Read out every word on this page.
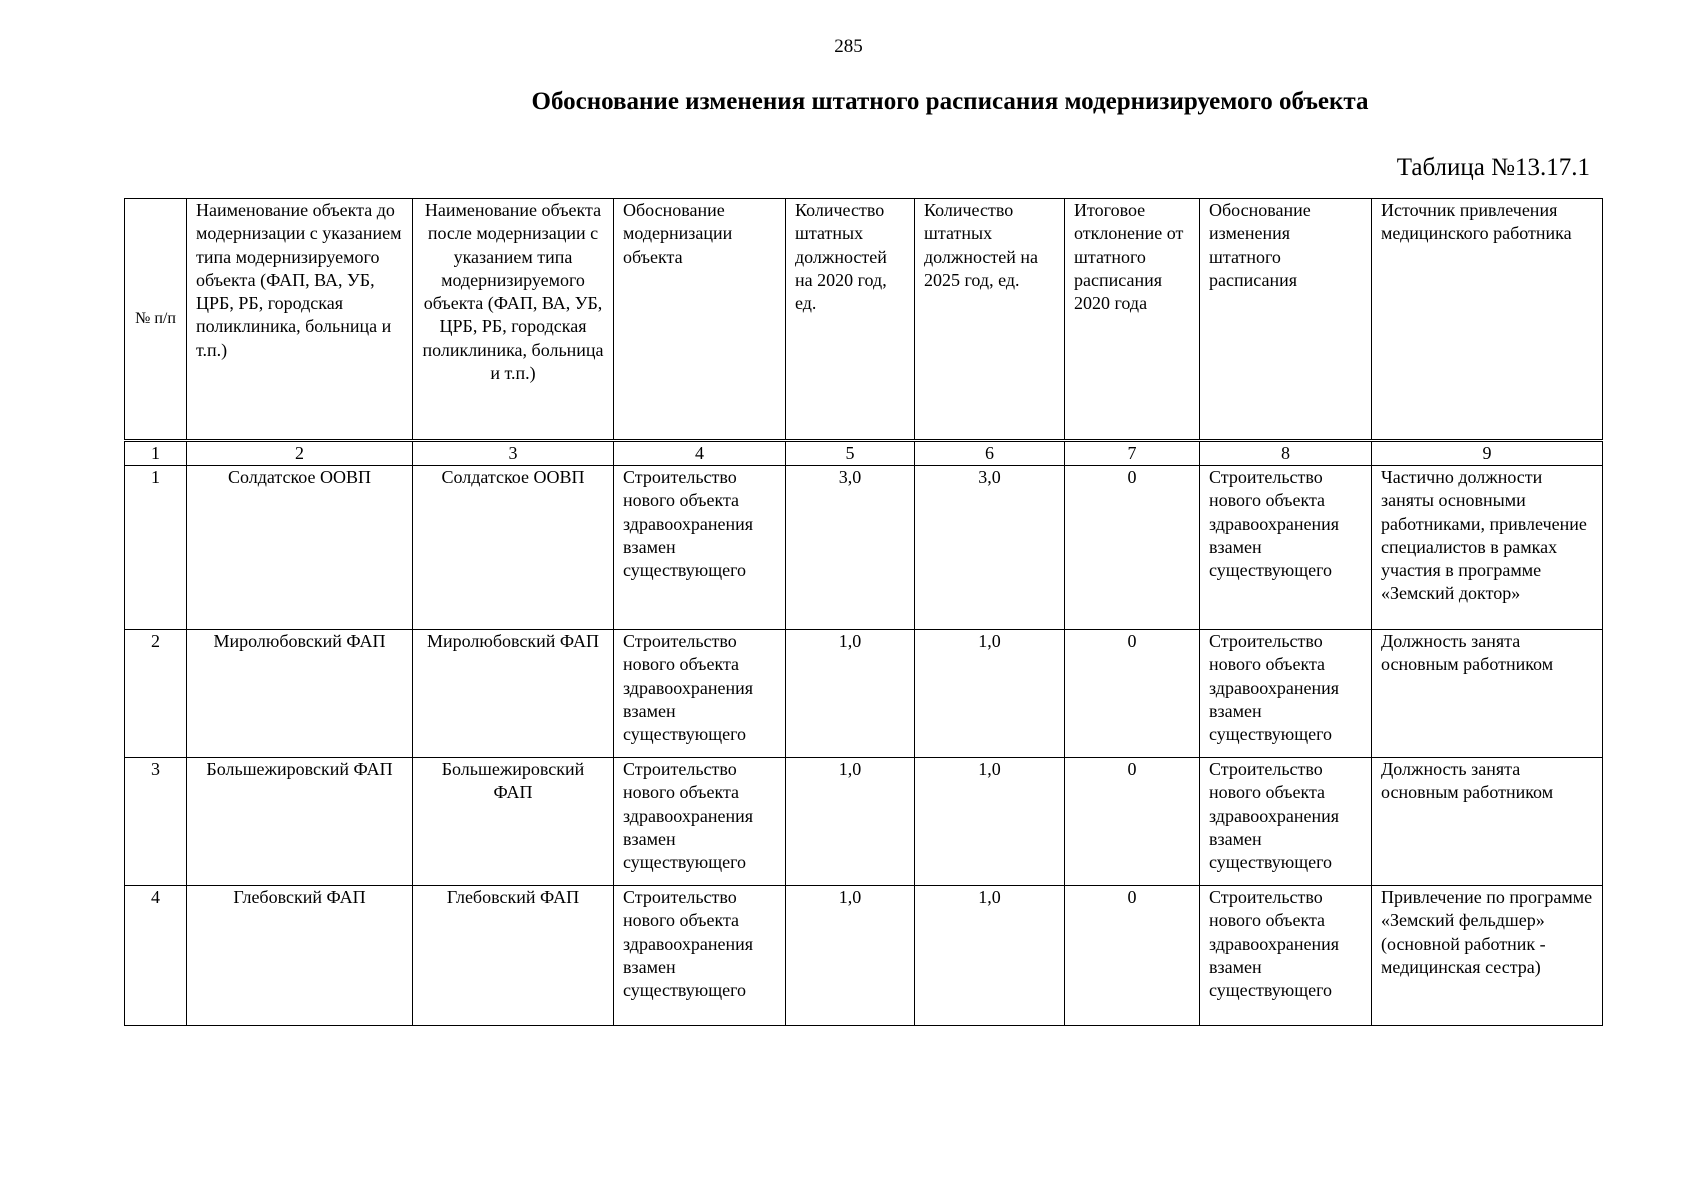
285
Обоснование изменения штатного расписания модернизируемого объекта
Таблица №13.17.1
№ п/п	Наименование объекта до модернизации с указанием типа модернизируемого объекта (ФАП, ВА, УБ, ЦРБ, РБ, городская поликлиника, больница и т.п.)	Наименование объекта после модернизации с указанием типа модернизируемого объекта (ФАП, ВА, УБ, ЦРБ, РБ, городская поликлиника, больница и т.п.)	Обоснование модернизации объекта	Количество штатных должностей на 2020 год, ед.	Количество штатных должностей на 2025 год, ед.	Итоговое отклонение от штатного расписания 2020 года	Обоснование изменения штатного расписания	Источник привлечения медицинского работника
1	2	3	4	5	6	7	8	9
1	Солдатское ООВП	Солдатское ООВП	Строительство нового объекта здравоохранения взамен существующего	3,0	3,0	0	Строительство нового объекта здравоохранения взамен существующего	Частично должности заняты основными работниками, привлечение специалистов в рамках участия в программе «Земский доктор»
2	Миролюбовский ФАП	Миролюбовский ФАП	Строительство нового объекта здравоохранения взамен существующего	1,0	1,0	0	Строительство нового объекта здравоохранения взамен существующего	Должность занята основным работником
3	Большежировский ФАП	Большежировский ФАП	Строительство нового объекта здравоохранения взамен существующего	1,0	1,0	0	Строительство нового объекта здравоохранения взамен существующего	Должность занята основным работником
4	Глебовский ФАП	Глебовский ФАП	Строительство нового объекта здравоохранения взамен существующего	1,0	1,0	0	Строительство нового объекта здравоохранения взамен существующего	Привлечение по программе «Земский фельдшер» (основной работник - медицинская сестра)
